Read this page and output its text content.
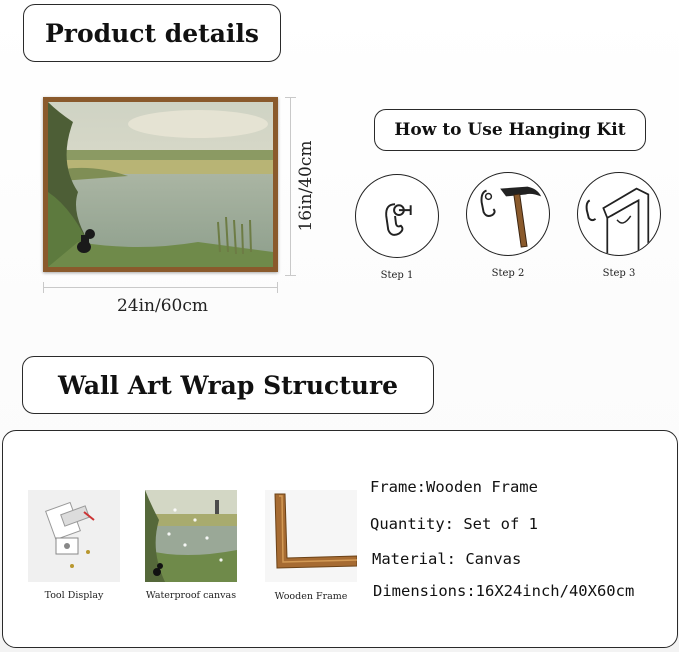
Product details
How to Use Hanging Kit
Wall Art Wrap Structure
24in/60cm
16in/40cm
Step 1	Step 2	Step 3
Tool Display	Waterproof canvas	Wooden Frame
Frame:Wooden Frame
Quantity: Set of 1
Material: Canvas
Dimensions:16X24inch/40X60cm
